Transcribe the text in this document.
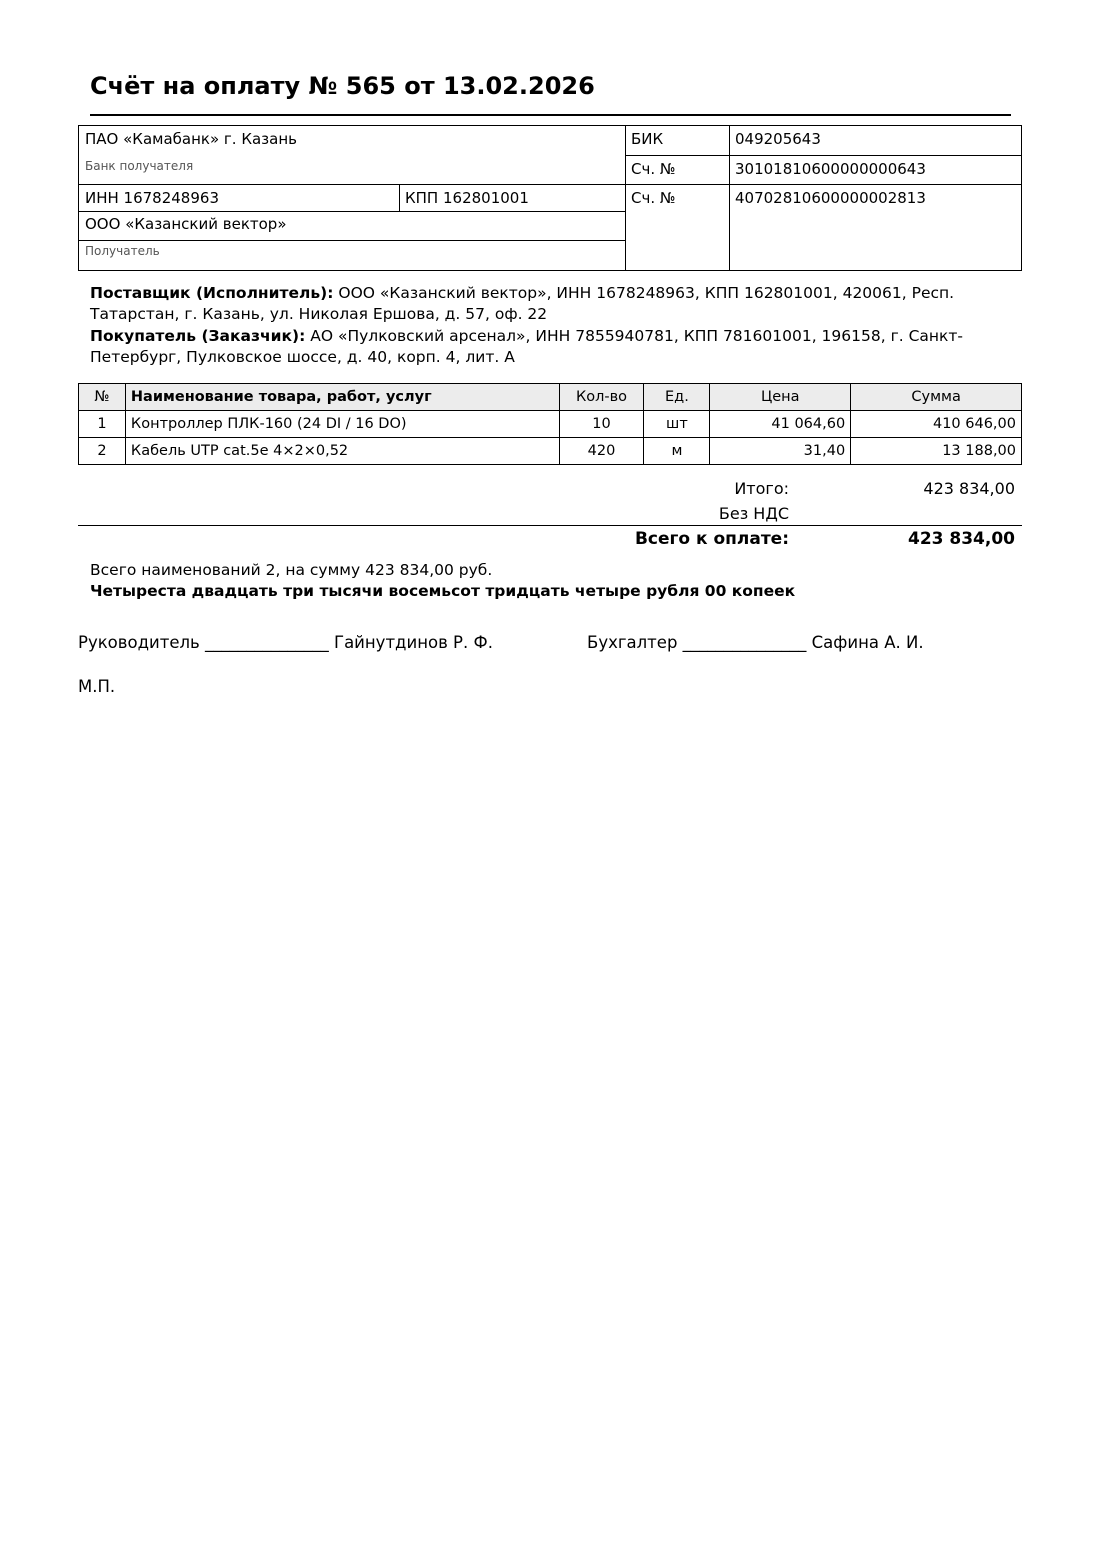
Счёт на оплату № 565 от 13.02.2026
ПАО «Камабанк» г. Казань
Банк получателя
БИК	049205643
Сч. №	30101810600000000643
ИНН 1678248963	КПП 162801001	Сч. №	40702810600000002813
ООО «Казанский вектор»
Получатель
Поставщик (Исполнитель): ООО «Казанский вектор», ИНН 1678248963, КПП 162801001, 420061, Респ. Татарстан, г. Казань, ул. Николая Ершова, д. 57, оф. 22
Покупатель (Заказчик): АО «Пулковский арсенал», ИНН 7855940781, КПП 781601001, 196158, г. Санкт-Петербург, Пулковское шоссе, д. 40, корп. 4, лит. А
№	Наименование товара, работ, услуг	Кол-во	Ед.	Цена	Сумма
1	Контроллер ПЛК-160 (24 DI / 16 DO)	10	шт	41 064,60	410 646,00
2	Кабель UTP cat.5e 4×2×0,52	420	м	31,40	13 188,00
Итого:	423 834,00
Без НДС
Всего к оплате:	423 834,00
Всего наименований 2, на сумму 423 834,00 руб.
Четыреста двадцать три тысячи восемьсот тридцать четыре рубля 00 копеек
Руководитель _______________ Гайнутдинов Р. Ф.	Бухгалтер _______________ Сафина А. И.
М.П.
